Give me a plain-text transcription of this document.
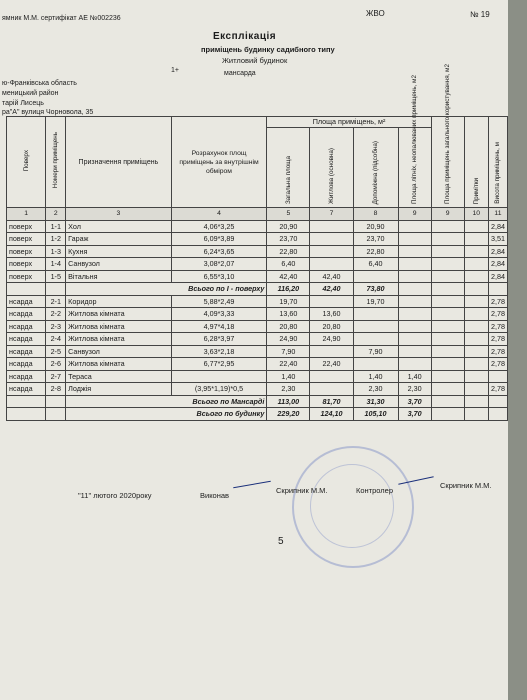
ямник М.М. сертифікат АЕ №002236
ЖВО	№ 19
Експлікація
приміщень будинку садибного типу
Житловий будинок
1+	мансарда
ю-Франківська область
меницький район
тарій Лисець
ра"А" вулиця Чорновола, 35
Поверх	Номери приміщень	Призначення приміщень	Розрахунок площ приміщень за внутрішнім обміром	Площа приміщень, м²				Площа приміщень загального користування, м2	Примітки	Висота приміщень, м
				Загальна площа	Житлова (основна)	Допоміжна (підсобна)	Площа літніх, неопалюваних приміщень, м2			
1	2	3	4	5	7	8	9	9	10	11
поверх	1-1	Хол	4,06*3,25	20,90		20,90				2,84
поверх	1-2	Гараж	6,09*3,89	23,70		23,70				3,51
поверх	1-3	Кухня	6,24*3,65	22,80		22,80				2,84
поверх	1-4	Санвузол	3,08*2,07	6,40		6,40				2,84
поверх	1-5	Вітальня	6,55*3,10	42,40	42,40					2,84
		Всього по І - поверху		116,20	42,40	73,80				
нсарда	2-1	Коридор	5,88*2,49	19,70		19,70				2,78
нсарда	2-2	Житлова кімната	4,09*3,33	13,60	13,60					2,78
нсарда	2-3	Житлова кімната	4,97*4,18	20,80	20,80					2,78
нсарда	2-4	Житлова кімната	6,28*3,97	24,90	24,90					2,78
нсарда	2-5	Санвузол	3,63*2,18	7,90		7,90				2,78
нсарда	2-6	Житлова кімната	6,77*2,95	22,40	22,40					2,78
нсарда	2-7	Тераса		1,40		1,40	1,40			
нсарда	2-8	Лоджія	(3,95*1,19)*0,5	2,30		2,30	2,30			2,78
		Всього по Мансарді		113,00	81,70	31,30	3,70			
		Всього по будинку		229,20	124,10	105,10	3,70			
"11" лютого 2020року	Виконав
Скрипник М.М.	Контролер
Скрипник М.М.
5
